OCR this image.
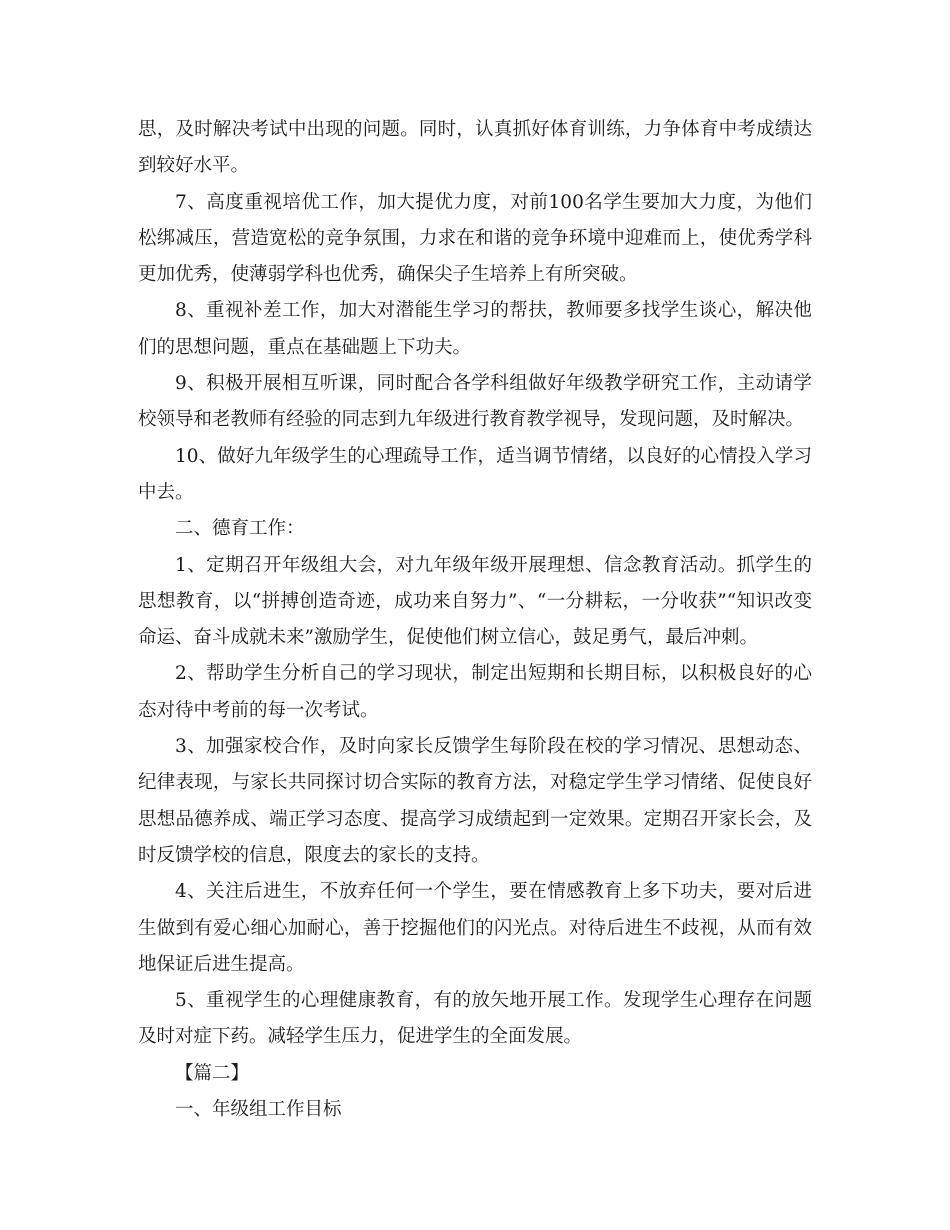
思，及时解决考试中出现的问题。同时，认真抓好体育训练，力争体育中考成绩达到较好水平。

7、高度重视培优工作，加大提优力度，对前100名学生要加大力度，为他们松绑减压，营造宽松的竞争氛围，力求在和谐的竞争环境中迎难而上，使优秀学科更加优秀，使薄弱学科也优秀，确保尖子生培养上有所突破。

8、重视补差工作，加大对潜能生学习的帮扶，教师要多找学生谈心，解决他们的思想问题，重点在基础题上下功夫。

9、积极开展相互听课，同时配合各学科组做好年级教学研究工作，主动请学校领导和老教师有经验的同志到九年级进行教育教学视导，发现问题，及时解决。

10、做好九年级学生的心理疏导工作，适当调节情绪，以良好的心情投入学习中去。

二、德育工作：

1、定期召开年级组大会，对九年级年级开展理想、信念教育活动。抓学生的思想教育，以“拼搏创造奇迹，成功来自努力”、“一分耕耘，一分收获”“知识改变命运、奋斗成就未来”激励学生，促使他们树立信心，鼓足勇气，最后冲刺。

2、帮助学生分析自己的学习现状，制定出短期和长期目标，以积极良好的心态对待中考前的每一次考试。

3、加强家校合作，及时向家长反馈学生每阶段在校的学习情况、思想动态、纪律表现，与家长共同探讨切合实际的教育方法，对稳定学生学习情绪、促使良好思想品德养成、端正学习态度、提高学习成绩起到一定效果。定期召开家长会，及时反馈学校的信息，限度去的家长的支持。

4、关注后进生，不放弃任何一个学生，要在情感教育上多下功夫，要对后进生做到有爱心细心加耐心，善于挖掘他们的闪光点。对待后进生不歧视，从而有效地保证后进生提高。

5、重视学生的心理健康教育，有的放矢地开展工作。发现学生心理存在问题及时对症下药。减轻学生压力，促进学生的全面发展。

【篇二】

一、年级组工作目标
